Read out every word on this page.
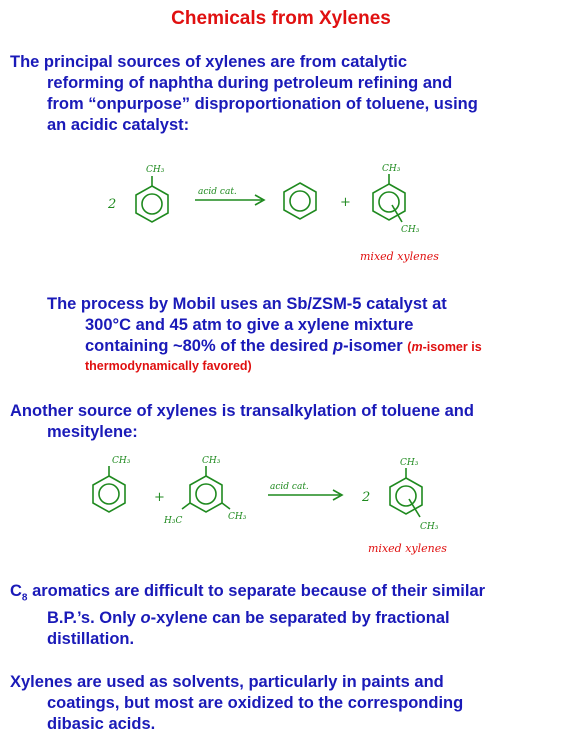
Chemicals from Xylenes
The principal sources of xylenes are from catalytic
reforming of naphtha during petroleum refining and
from “onpurpose” disproportionation of toluene, using
an acidic catalyst:
2
CH₃
acid cat.
+
CH₃
CH₃
mixed xylenes
The process by Mobil uses an Sb/ZSM-5 catalyst at
300°C and 45 atm to give a xylene mixture
containing ~80% of the desired p-isomer (m-isomer is
thermodynamically favored)
Another source of xylenes is transalkylation of toluene and
mesitylene:
CH₃
+
CH₃
H₃C	CH₃
acid cat.
2
CH₃
CH₃
mixed xylenes
$C_8$ aromatics are difficult to separate because of their similar
B.P.’s. Only o-xylene can be separated by fractional
distillation.
Xylenes are used as solvents, particularly in paints and
coatings, but most are oxidized to the corresponding
dibasic acids.
